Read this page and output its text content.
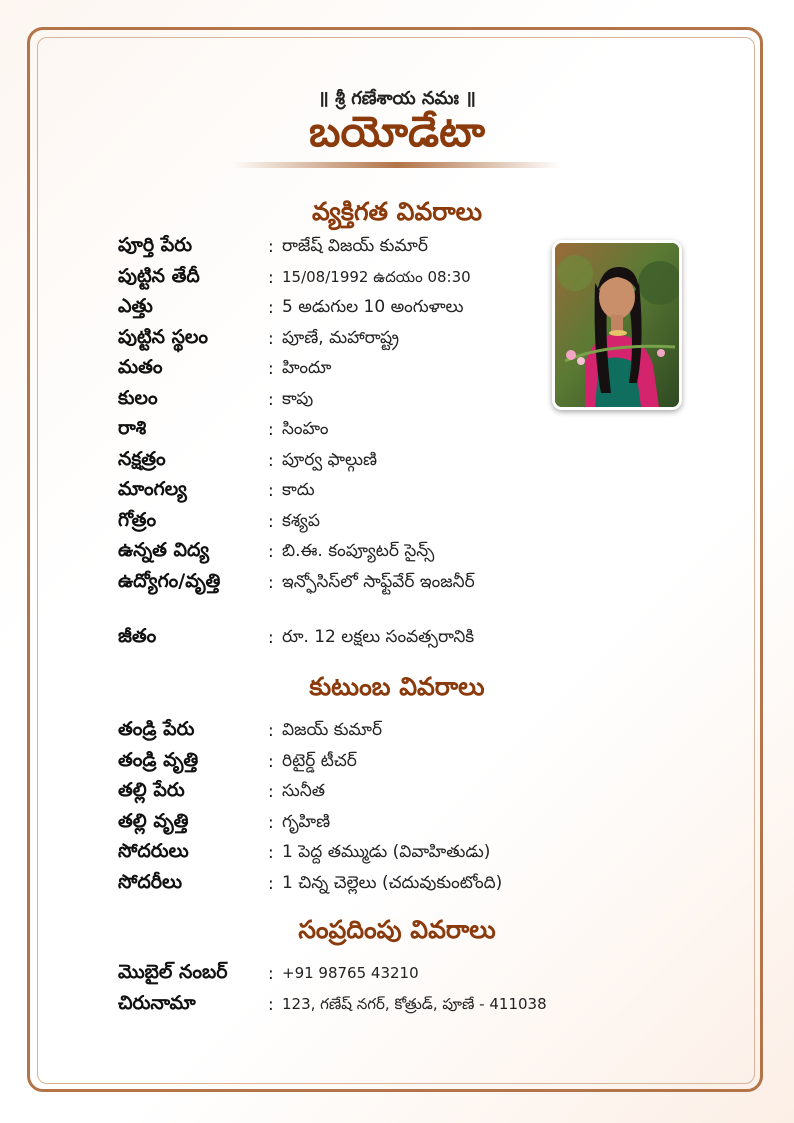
॥ శ్రీ గణేశాయ నమః ॥
బయోడేటా
వ్యక్తిగత వివరాలు
పూర్తి పేరు	: రాజేష్ విజయ్ కుమార్
పుట్టిన తేదీ	: 15/08/1992 ఉదయం 08:30
ఎత్తు	: 5 అడుగుల 10 అంగుళాలు
పుట్టిన స్థలం	: పూణే, మహారాష్ట్ర
మతం	: హిందూ
కులం	: కాపు
రాశి	: సింహం
నక్షత్రం	: పూర్వ ఫాల్గుణి
మాంగల్య	: కాదు
గోత్రం	: కశ్యప
ఉన్నత విద్య	: బి.ఈ. కంప్యూటర్ సైన్స్
ఉద్యోగం/వృత్తి	: ఇన్ఫోసిస్‌లో సాఫ్ట్‌వేర్ ఇంజనీర్
జీతం	: రూ. 12 లక్షలు సంవత్సరానికి
కుటుంబ వివరాలు
తండ్రి పేరు	: విజయ్ కుమార్
తండ్రి వృత్తి	: రిటైర్డ్ టీచర్
తల్లి పేరు	: సునీత
తల్లి వృత్తి	: గృహిణి
సోదరులు	: 1 పెద్ద తమ్ముడు (వివాహితుడు)
సోదరీలు	: 1 చిన్న చెల్లెలు (చదువుకుంటోంది)
సంప్రదింపు వివరాలు
మొబైల్ నంబర్	: +91 98765 43210
చిరునామా	: 123, గణేష్ నగర్, కోత్రుడ్, పూణే - 411038
